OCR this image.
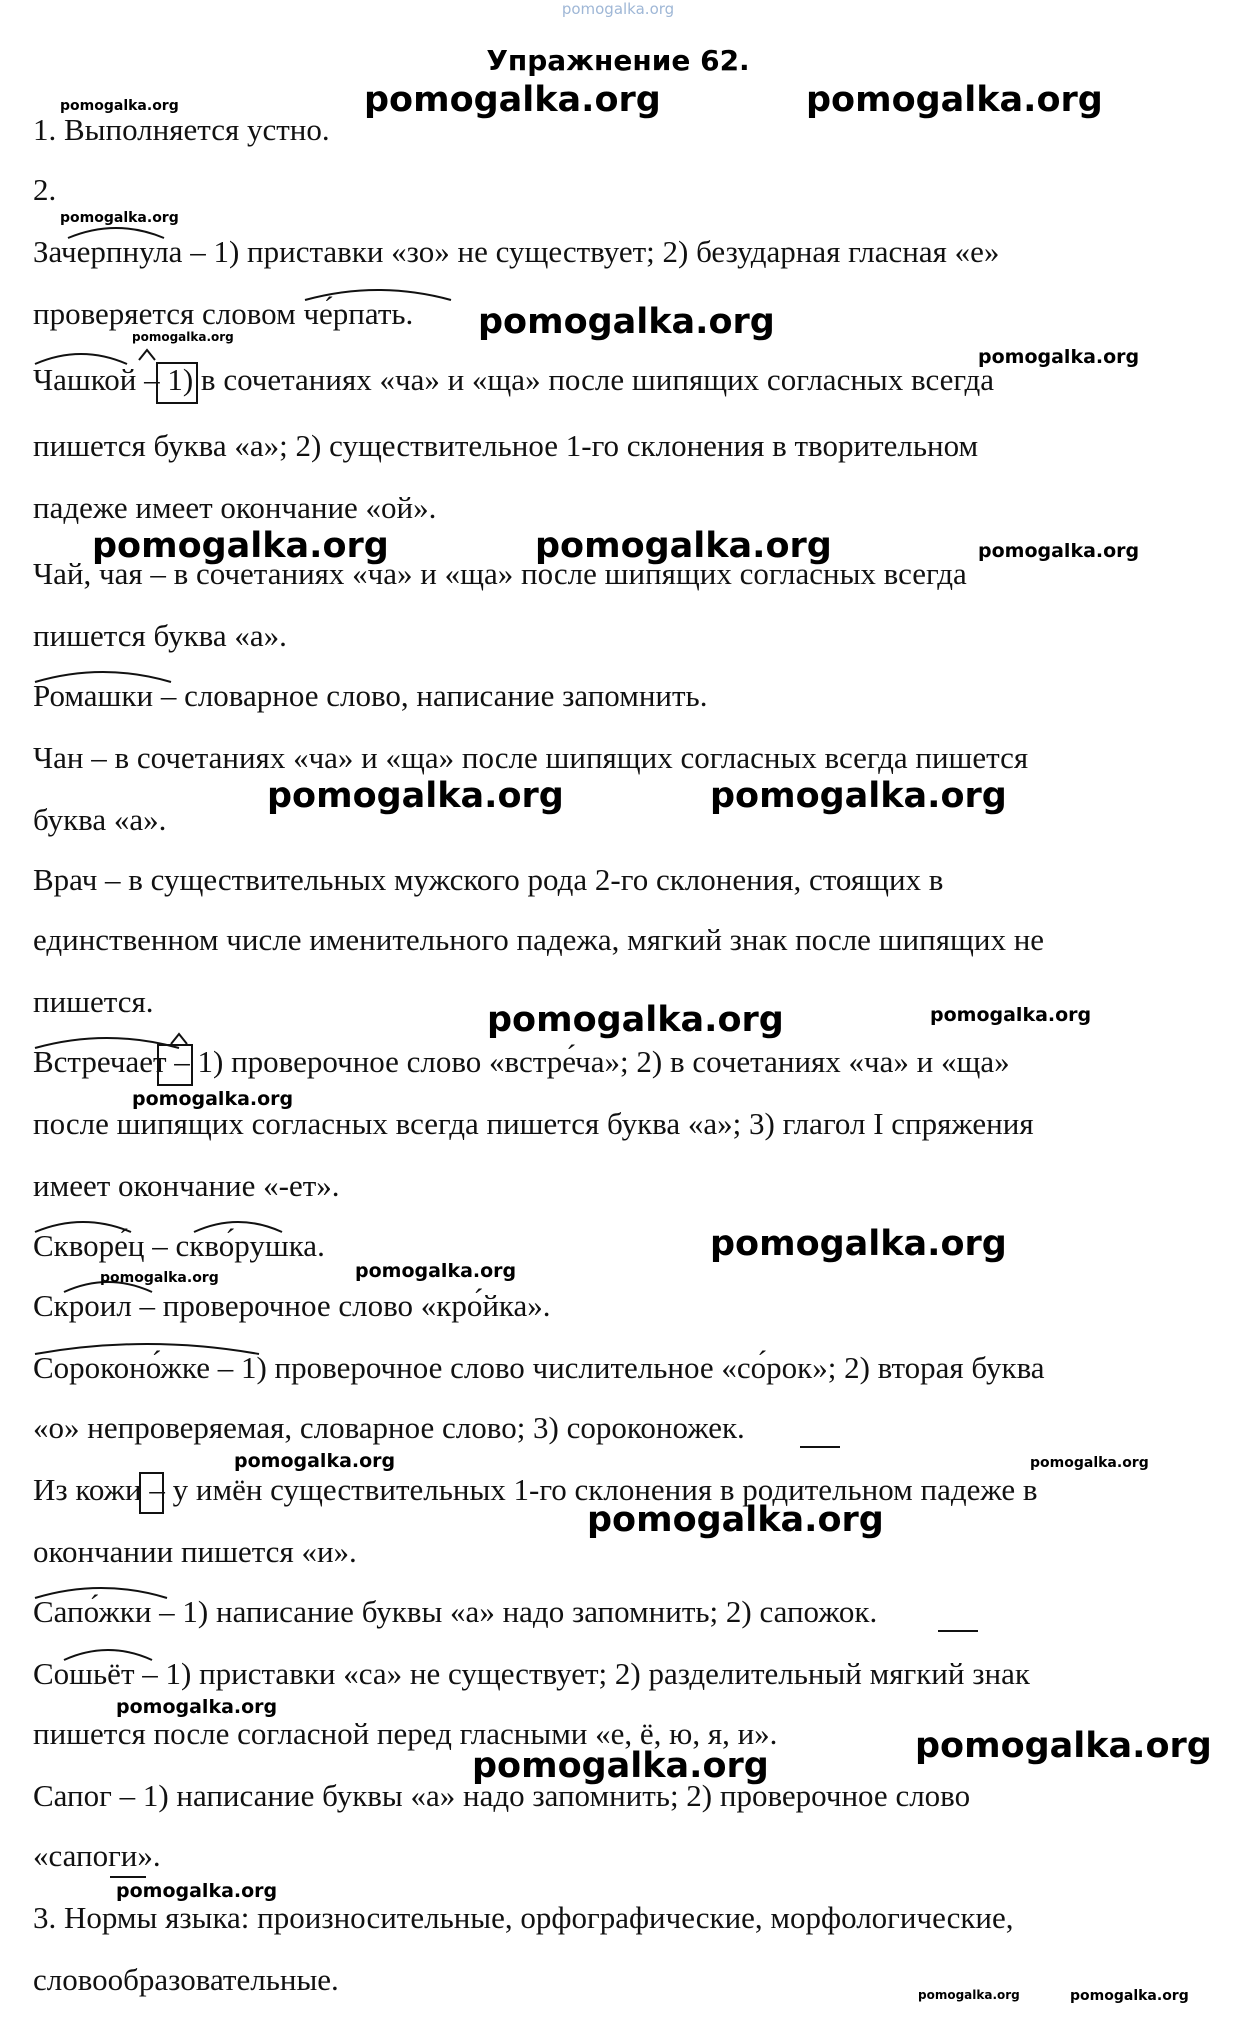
pomogalka.org
Упражнение 62.
1. Выполняется устно.
2.
Зачерпнула – 1) приставки «зо» не существует; 2) безударная гласная «е»
проверяется словом че́рпать.
Чашкой – 1) в сочетаниях «ча» и «ща» после шипящих согласных всегда
пишется буква «а»; 2) существительное 1-го склонения в творительном
падеже имеет окончание «ой».
Чай, чая – в сочетаниях «ча» и «ща» после шипящих согласных всегда
пишется буква «а».
Ромашки – словарное слово, написание запомнить.
Чан – в сочетаниях «ча» и «ща» после шипящих согласных всегда пишется
буква «а».
Врач – в существительных мужского рода 2-го склонения, стоящих в
единственном числе именительного падежа, мягкий знак после шипящих не
пишется.
Встречает – 1) проверочное слово «встре́ча»; 2) в сочетаниях «ча» и «ща»
после шипящих согласных всегда пишется буква «а»; 3) глагол I спряжения
имеет окончание «-ет».
Скворе́ц – скво́рушка.
Скроил – проверочное слово «кро́йка».
Сороконо́жке – 1) проверочное слово числительное «со́рок»; 2) вторая буква
«о» непроверяемая, словарное слово; 3) сороконожек.
Из кожи – у имён существительных 1-го склонения в родительном падеже в
окончании пишется «и».
Сапо́жки – 1) написание буквы «а» надо запомнить; 2) сапожок.
Сошьёт – 1) приставки «са» не существует; 2) разделительный мягкий знак
пишется после согласной перед гласными «е, ё, ю, я, и».
Сапог – 1) написание буквы «а» надо запомнить; 2) проверочное слово
«сапоги».
3. Нормы языка: произносительные, орфографические, морфологические,
словообразовательные.
pomogalka.org	pomogalka.org
pomogalka.org
pomogalka.org
pomogalka.org
pomogalka.org
pomogalka.org
pomogalka.org	pomogalka.org	pomogalka.org
pomogalka.org	pomogalka.org
pomogalka.org	pomogalka.org
pomogalka.org
pomogalka.org
pomogalka.org
pomogalka.org
pomogalka.org	pomogalka.org
pomogalka.org
pomogalka.org
pomogalka.org
pomogalka.org
pomogalka.org
pomogalka.org	pomogalka.org
